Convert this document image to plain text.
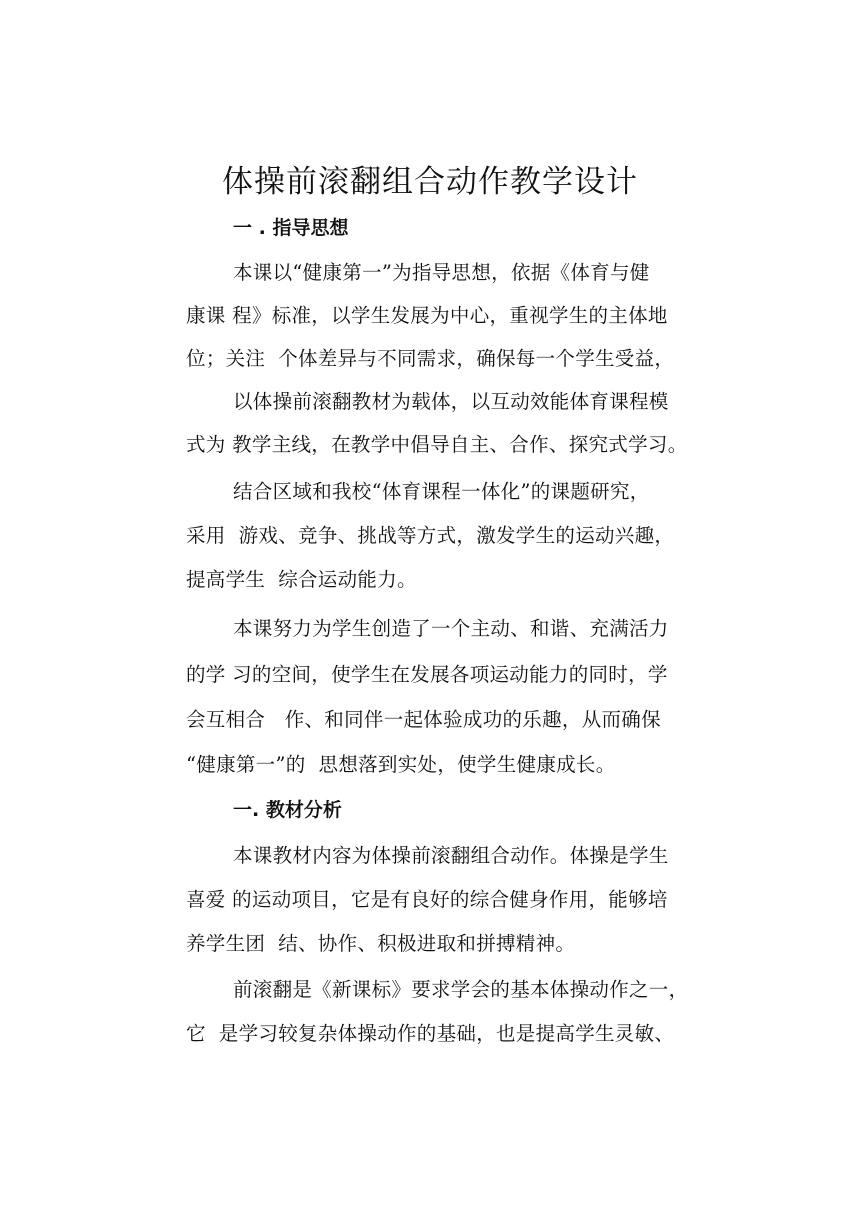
体操前滚翻组合动作教学设计
一 . 指导思想
本课以“健康第一”为指导思想，依据《体育与健
康课 程》标准，以学生发展为中心，重视学生的主体地
位；关注  个体差异与不同需求，确保每一个学生受益，
以体操前滚翻教材为载体，以互动效能体育课程模
式为 教学主线，在教学中倡导自主、合作、探究式学习。
结合区域和我校“体育课程一体化”的课题研究，
采用  游戏、竞争、挑战等方式，激发学生的运动兴趣，
提高学生  综合运动能力。
本课努力为学生创造了一个主动、和谐、充满活力
的学 习的空间，使学生在发展各项运动能力的同时，学
会互相合   作、和同伴一起体验成功的乐趣，从而确保
“健康第一”的  思想落到实处，使学生健康成长。
一. 教材分析
本课教材内容为体操前滚翻组合动作。体操是学生
喜爱 的运动项目，它是有良好的综合健身作用，能够培
养学生团  结、协作、积极进取和拼搏精神。
前滚翻是《新课标》要求学会的基本体操动作之一，
它  是学习较复杂体操动作的基础，也是提高学生灵敏、
